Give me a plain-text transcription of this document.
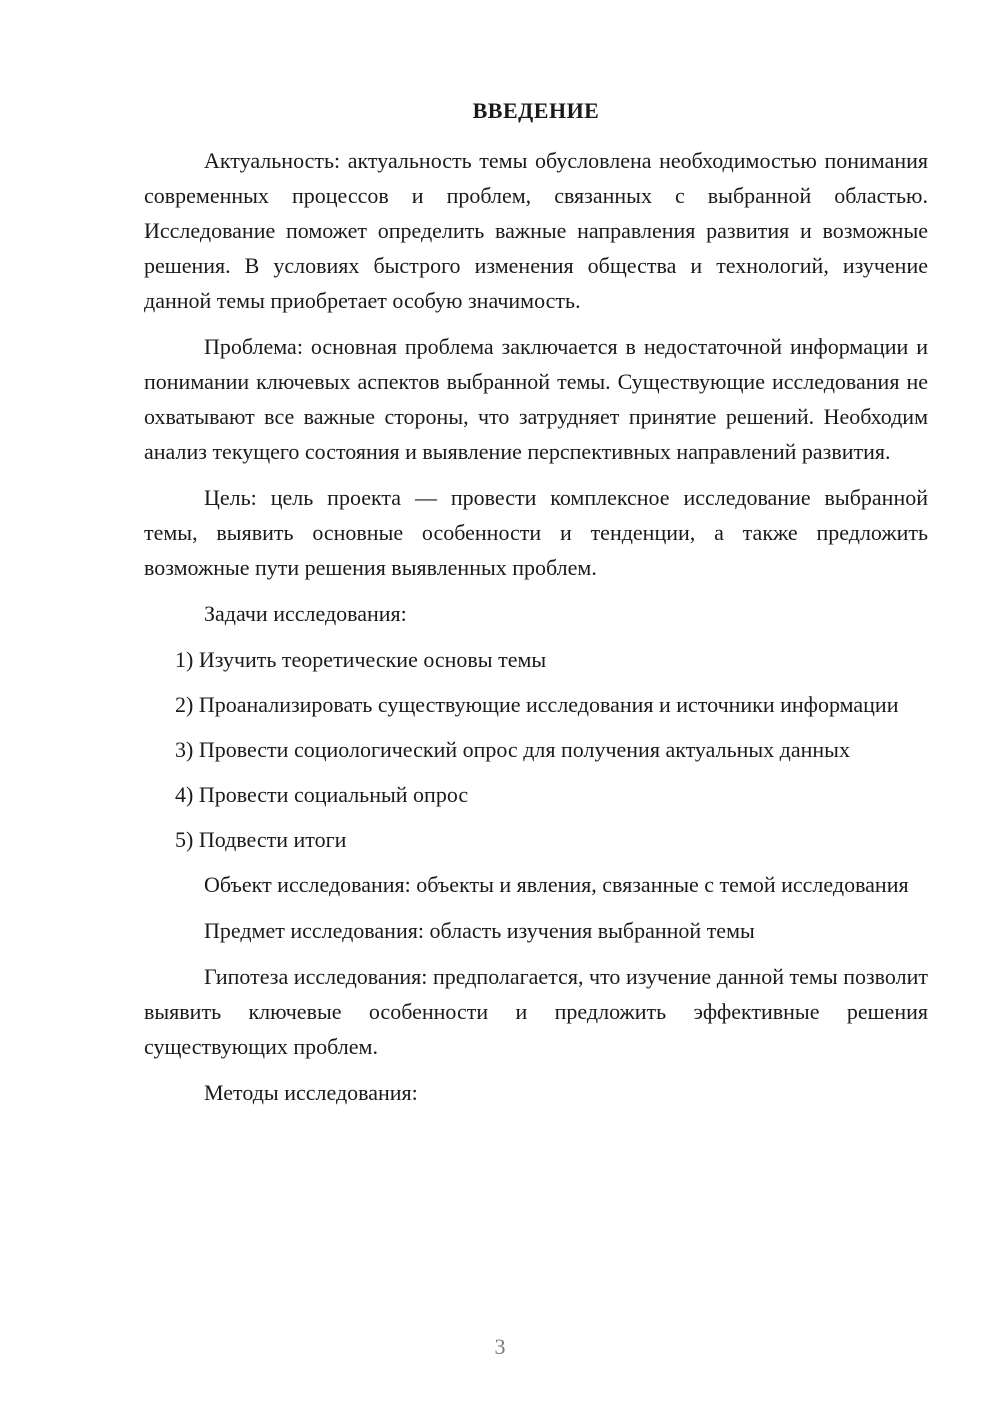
ВВЕДЕНИЕ

Актуальность: актуальность темы обусловлена необходимостью понимания современных процессов и проблем, связанных с выбранной областью. Исследование поможет определить важные направления развития и возможные решения. В условиях быстрого изменения общества и технологий, изучение данной темы приобретает особую значимость.

Проблема: основная проблема заключается в недостаточной информации и понимании ключевых аспектов выбранной темы. Существующие исследования не охватывают все важные стороны, что затрудняет принятие решений. Необходим анализ текущего состояния и выявление перспективных направлений развития.

Цель: цель проекта — провести комплексное исследование выбранной темы, выявить основные особенности и тенденции, а также предложить возможные пути решения выявленных проблем.

Задачи исследования:

1) Изучить теоретические основы темы

2) Проанализировать существующие исследования и источники информации

3) Провести социологический опрос для получения актуальных данных

4) Провести социальный опрос

5) Подвести итоги

Объект исследования: объекты и явления, связанные с темой исследования

Предмет исследования: область изучения выбранной темы

Гипотеза исследования: предполагается, что изучение данной темы позволит выявить ключевые особенности и предложить эффективные решения существующих проблем.

Методы исследования:

3
